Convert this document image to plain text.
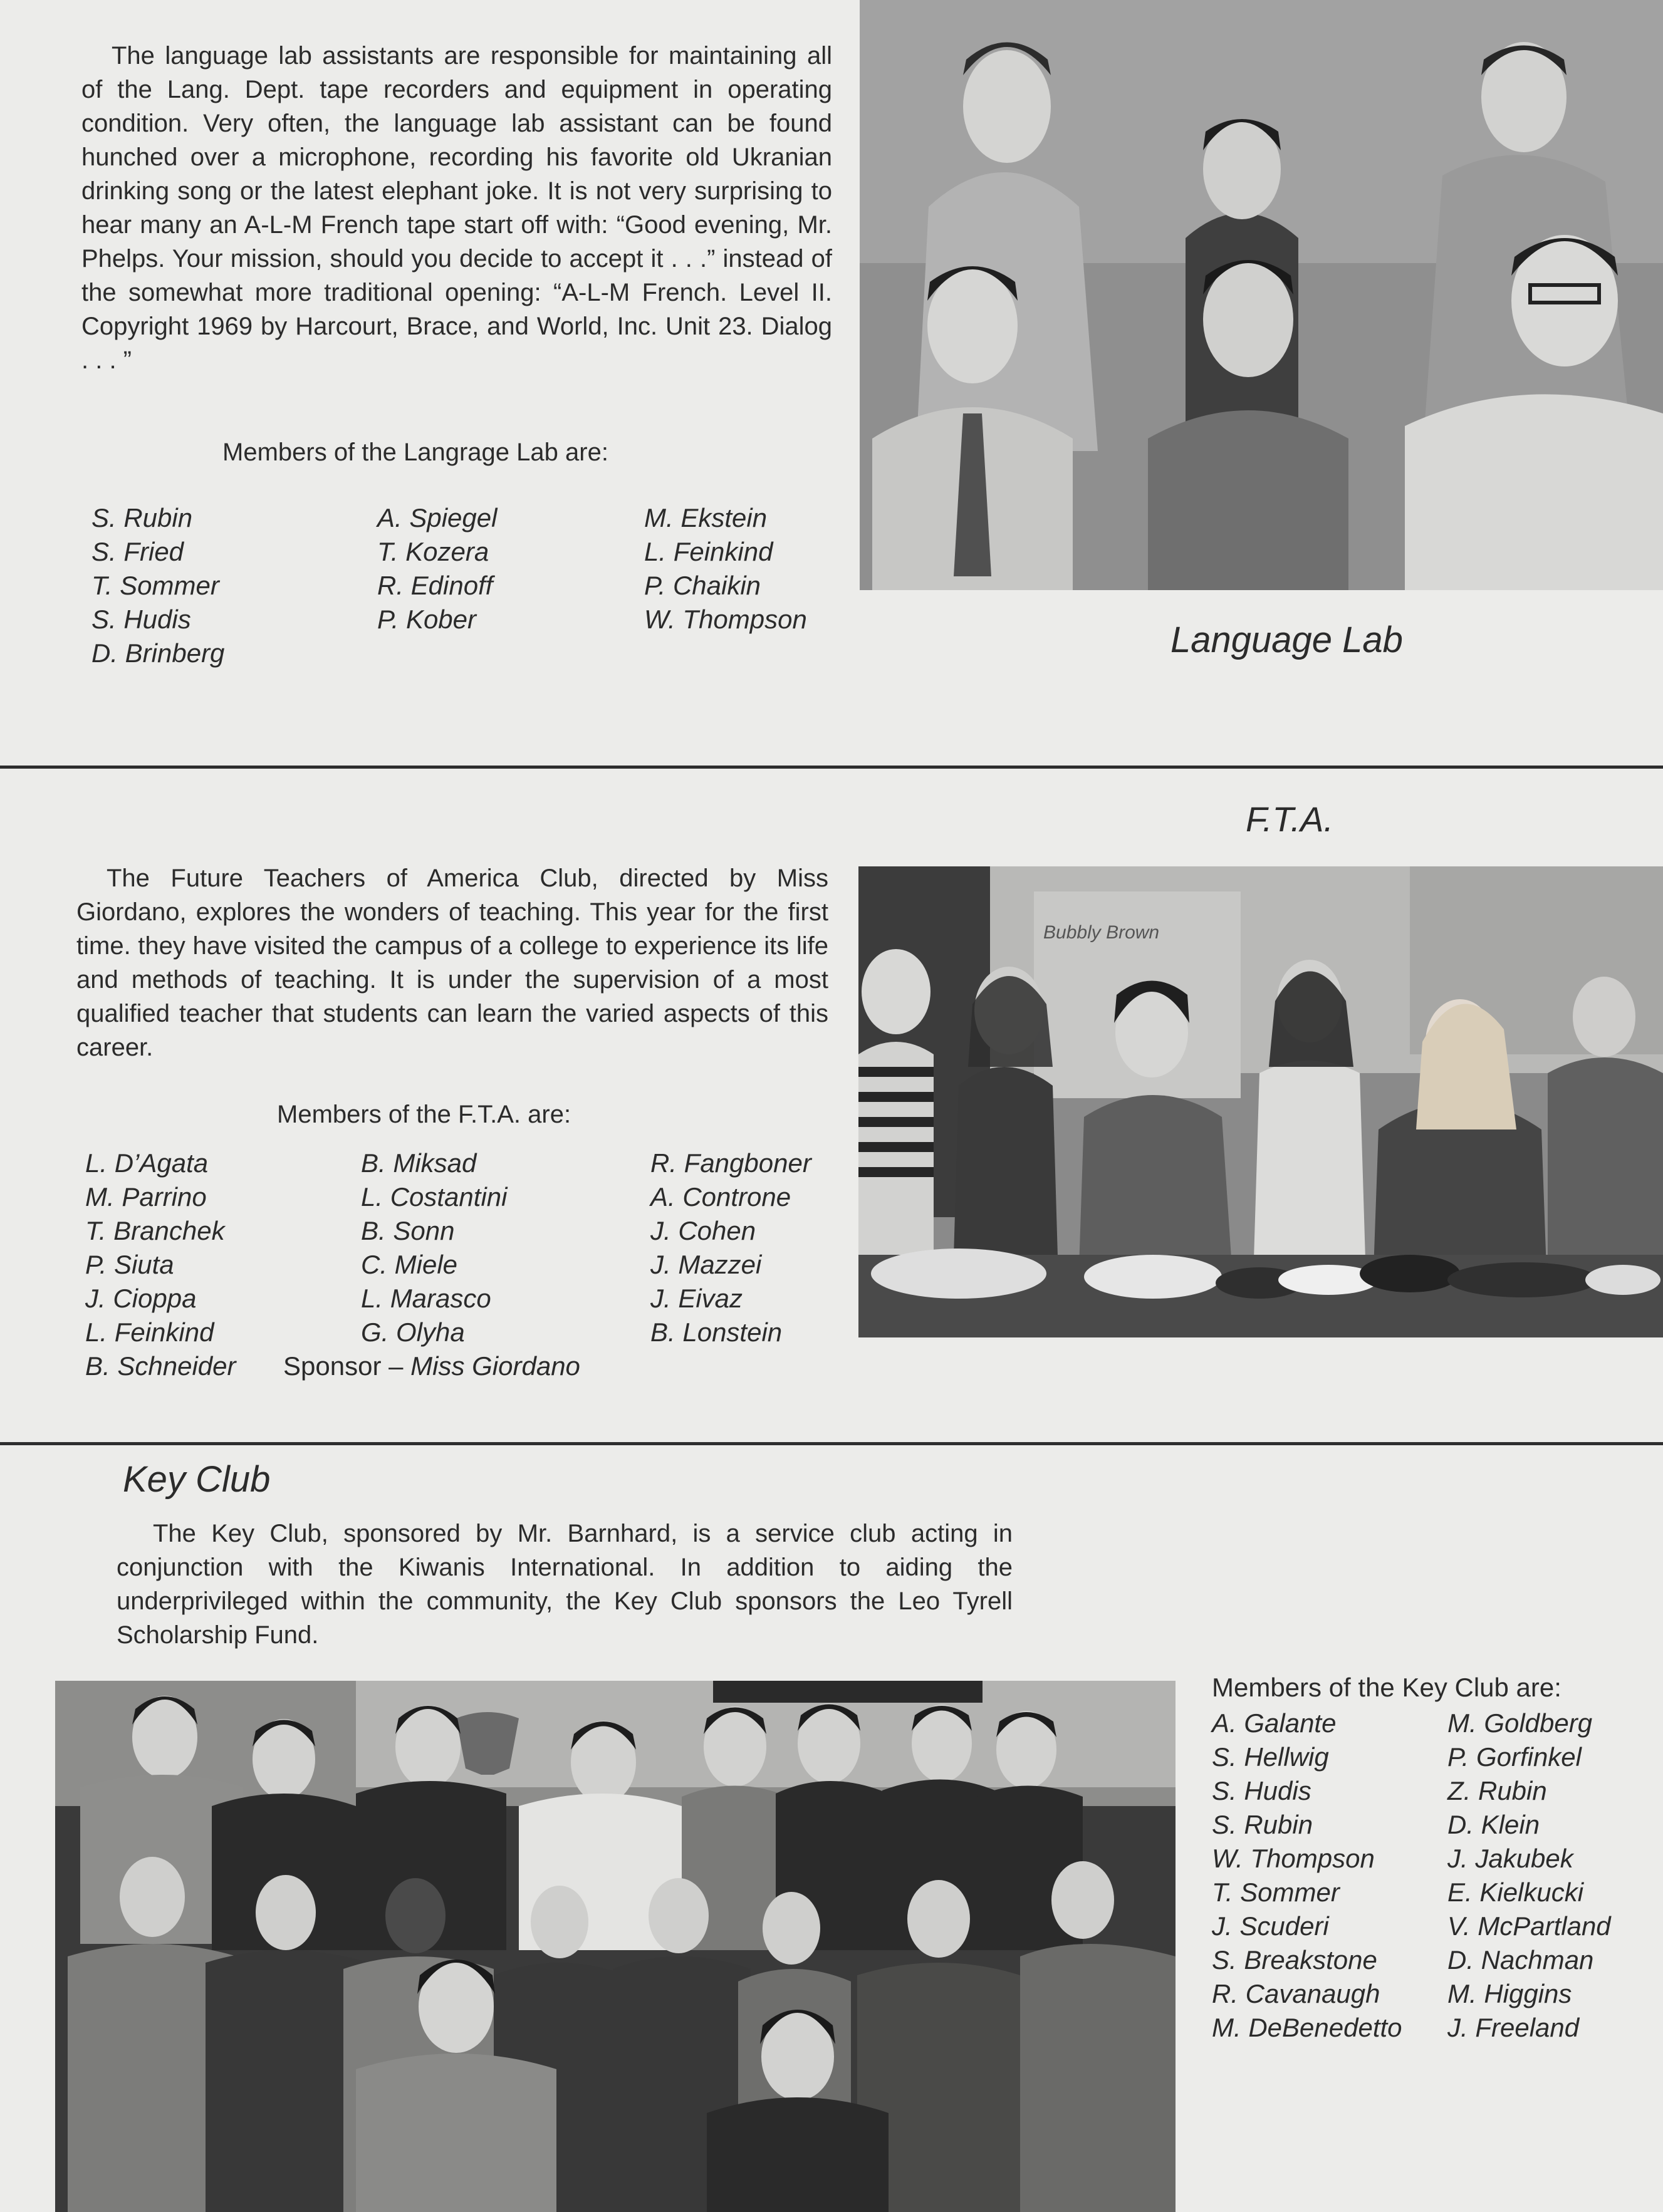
The language lab assistants are responsible for maintaining all of the Lang. Dept. tape recorders and equipment in operating condition. Very often, the language lab assistant can be found hunched over a microphone, recording his favorite old Ukranian drinking song or the latest elephant joke. It is not very surprising to hear many an A-L-M French tape start off with: “Good evening, Mr. Phelps. Your mission, should you decide to accept it . . .” instead of the somewhat more traditional opening: “A-L-M French. Level II. Copyright 1969 by Harcourt, Brace, and World, Inc. Unit 23. Dialog . . . ”
Members of the Langrage Lab are:
S. Rubin
S. Fried
T. Sommer
S. Hudis
D. Brinberg
A. Spiegel
T. Kozera
R. Edinoff
P. Kober
M. Ekstein
L. Feinkind
P. Chaikin
W. Thompson
Language Lab
F.T.A.
The Future Teachers of America Club, directed by Miss Giordano, explores the wonders of teaching. This year for the first time. they have visited the campus of a college to experience its life and methods of teaching. It is under the supervision of a most qualified teacher that students can learn the varied aspects of this career.
Members of the F.T.A. are:
L. D’Agata
M. Parrino
T. Branchek
P. Siuta
J. Cioppa
L. Feinkind
B. Schneider
B. Miksad
L. Costantini
B. Sonn
C. Miele
L. Marasco
G. Olyha
R. Fangboner
A. Controne
J. Cohen
J. Mazzei
J. Eivaz
B. Lonstein
Sponsor – Miss Giordano
Bubbly Brown
Key Club
The Key Club, sponsored by Mr. Barnhard, is a service club acting in conjunction with the Kiwanis International. In addition to aiding the underprivileged within the community, the Key Club sponsors the Leo Tyrell Scholarship Fund.
Members of the Key Club are:
A. Galante
S. Hellwig
S. Hudis
S. Rubin
W. Thompson
T. Sommer
J. Scuderi
S. Breakstone
R. Cavanaugh
M. DeBenedetto
M. Goldberg
P. Gorfinkel
Z. Rubin
D. Klein
J. Jakubek
E. Kielkucki
V. McPartland
D. Nachman
M. Higgins
J. Freeland
